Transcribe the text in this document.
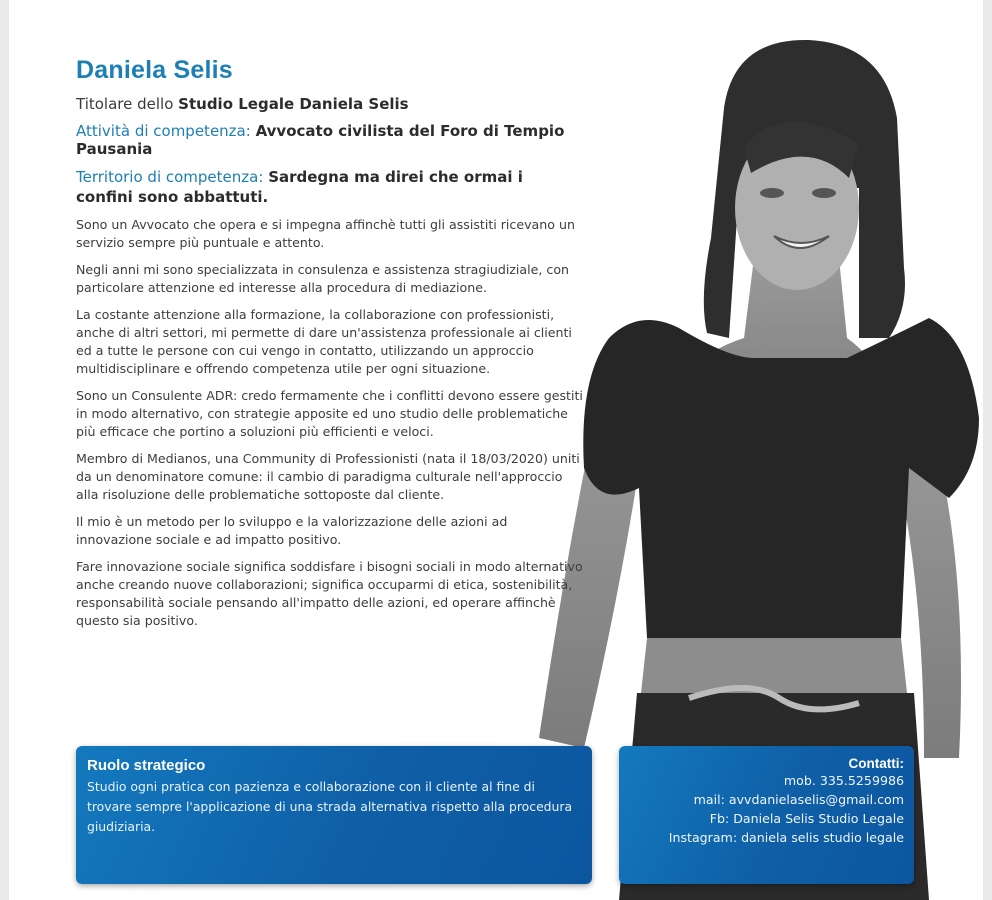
Daniela Selis
Titolare dello Studio Legale Daniela Selis
Attività di competenza: Avvocato civilista del Foro di Tempio Pausania
Territorio di competenza: Sardegna ma direi che ormai i confini sono abbattuti.

Sono un Avvocato che opera e si impegna affinchè tutti gli assistiti ricevano un servizio sempre più puntuale e attento.

Negli anni mi sono specializzata in consulenza e assistenza stragiudiziale, con particolare attenzione ed interesse alla procedura di mediazione.

La costante attenzione alla formazione, la collaborazione con professionisti, anche di altri settori, mi permette di dare un'assistenza professionale ai clienti ed a tutte le persone con cui vengo in contatto, utilizzando un approccio multidisciplinare e offrendo competenza utile per ogni situazione.

Sono un Consulente ADR: credo fermamente che i conflitti devono essere gestiti in modo alternativo, con strategie apposite ed uno studio delle problematiche più efficace che portino a soluzioni più efficienti e veloci.

Membro di Medianos, una Community di Professionisti (nata il 18/03/2020) uniti da un denominatore comune: il cambio di paradigma culturale nell'approccio alla risoluzione delle problematiche sottoposte dal cliente.

Il mio è un metodo per lo sviluppo e la valorizzazione delle azioni ad innovazione sociale e ad impatto positivo.

Fare innovazione sociale significa soddisfare i bisogni sociali in modo alternativo anche creando nuove collaborazioni; significa occuparmi di etica, sostenibilità, responsabilità sociale pensando all'impatto delle azioni, ed operare affinchè questo sia positivo.

Ruolo strategico

Studio ogni pratica con pazienza e collaborazione con il cliente al fine di trovare sempre l'applicazione di una strada alternativa rispetto alla procedura giudiziaria.

Contatti:
mob. 335.5259986
mail: avvdanielaselis@gmail.com
Fb: Daniela Selis Studio Legale
Instagram: daniela selis studio legale
